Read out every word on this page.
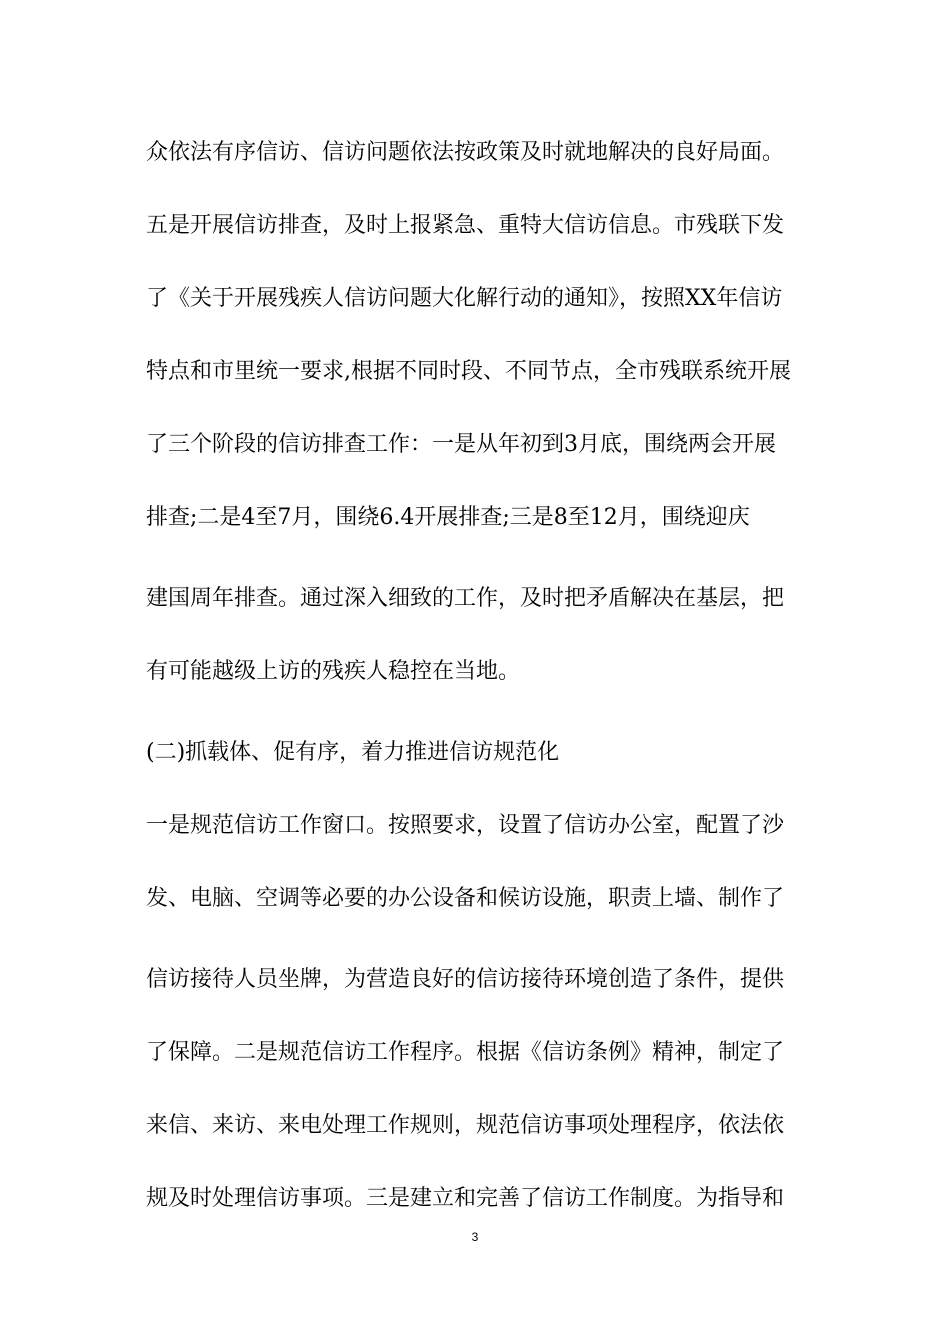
众依法有序信访、信访问题依法按政策及时就地解决的良好局面。
五是开展信访排查，及时上报紧急、重特大信访信息。市残联下发
了《关于开展残疾人信访问题大化解行动的通知》，按照XX年信访
特点和市里统一要求,根据不同时段、不同节点，全市残联系统开展
了三个阶段的信访排查工作：一是从年初到3月底，围绕两会开展
排查;二是4至7月，围绕6.4开展排查;三是8至12月，围绕迎庆
建国周年排查。通过深入细致的工作，及时把矛盾解决在基层，把
有可能越级上访的残疾人稳控在当地。
(二)抓载体、促有序，着力推进信访规范化
一是规范信访工作窗口。按照要求，设置了信访办公室，配置了沙
发、电脑、空调等必要的办公设备和候访设施，职责上墙、制作了
信访接待人员坐牌，为营造良好的信访接待环境创造了条件，提供
了保障。二是规范信访工作程序。根据《信访条例》精神，制定了
来信、来访、来电处理工作规则，规范信访事项处理程序，依法依
规及时处理信访事项。三是建立和完善了信访工作制度。为指导和
3
